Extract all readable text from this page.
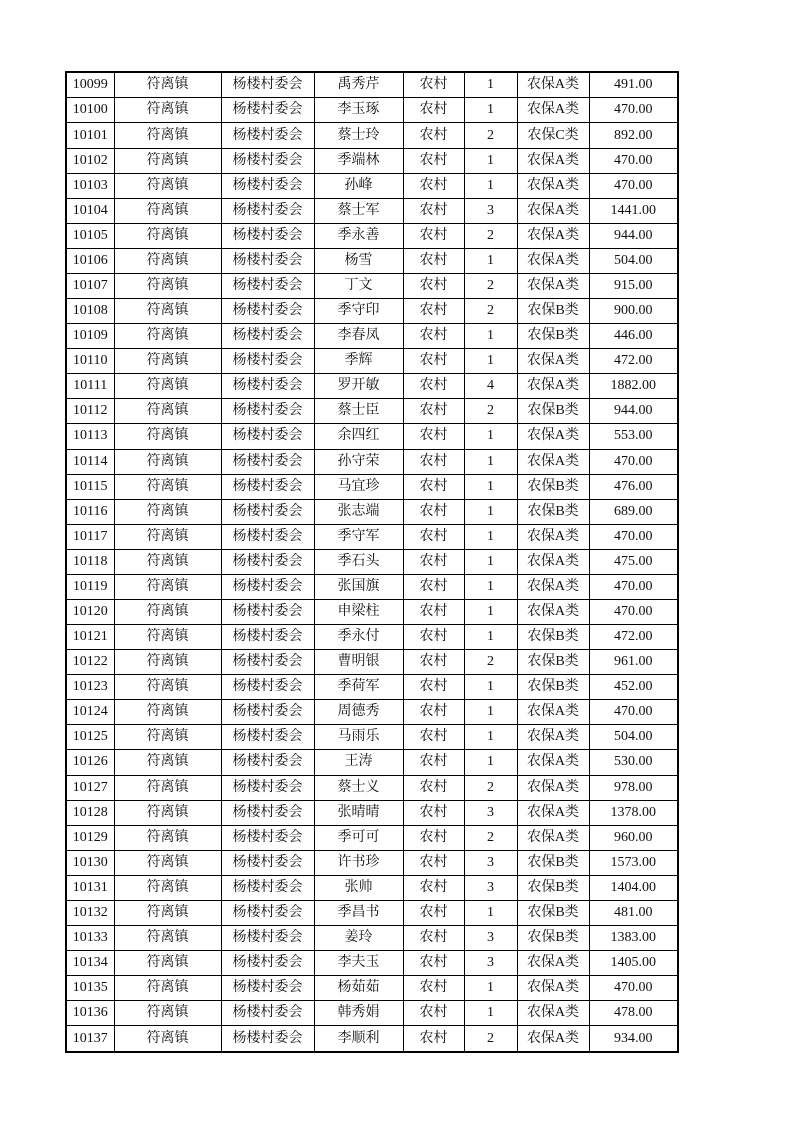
10099	符离镇	杨楼村委会	禹秀芹	农村	1	农保A类	491.00
10100	符离镇	杨楼村委会	李玉琢	农村	1	农保A类	470.00
10101	符离镇	杨楼村委会	蔡士玲	农村	2	农保C类	892.00
10102	符离镇	杨楼村委会	季端林	农村	1	农保A类	470.00
10103	符离镇	杨楼村委会	孙峰	农村	1	农保A类	470.00
10104	符离镇	杨楼村委会	蔡士军	农村	3	农保A类	1441.00
10105	符离镇	杨楼村委会	季永善	农村	2	农保A类	944.00
10106	符离镇	杨楼村委会	杨雪	农村	1	农保A类	504.00
10107	符离镇	杨楼村委会	丁文	农村	2	农保A类	915.00
10108	符离镇	杨楼村委会	季守印	农村	2	农保B类	900.00
10109	符离镇	杨楼村委会	李春凤	农村	1	农保B类	446.00
10110	符离镇	杨楼村委会	季辉	农村	1	农保A类	472.00
10111	符离镇	杨楼村委会	罗开敏	农村	4	农保A类	1882.00
10112	符离镇	杨楼村委会	蔡士臣	农村	2	农保B类	944.00
10113	符离镇	杨楼村委会	余四红	农村	1	农保A类	553.00
10114	符离镇	杨楼村委会	孙守荣	农村	1	农保A类	470.00
10115	符离镇	杨楼村委会	马宜珍	农村	1	农保B类	476.00
10116	符离镇	杨楼村委会	张志端	农村	1	农保B类	689.00
10117	符离镇	杨楼村委会	季守军	农村	1	农保A类	470.00
10118	符离镇	杨楼村委会	季石头	农村	1	农保A类	475.00
10119	符离镇	杨楼村委会	张国旗	农村	1	农保A类	470.00
10120	符离镇	杨楼村委会	申梁柱	农村	1	农保A类	470.00
10121	符离镇	杨楼村委会	季永付	农村	1	农保B类	472.00
10122	符离镇	杨楼村委会	曹明银	农村	2	农保B类	961.00
10123	符离镇	杨楼村委会	季荷军	农村	1	农保B类	452.00
10124	符离镇	杨楼村委会	周德秀	农村	1	农保A类	470.00
10125	符离镇	杨楼村委会	马雨乐	农村	1	农保A类	504.00
10126	符离镇	杨楼村委会	王涛	农村	1	农保A类	530.00
10127	符离镇	杨楼村委会	蔡士义	农村	2	农保A类	978.00
10128	符离镇	杨楼村委会	张晴晴	农村	3	农保A类	1378.00
10129	符离镇	杨楼村委会	季可可	农村	2	农保A类	960.00
10130	符离镇	杨楼村委会	许书珍	农村	3	农保B类	1573.00
10131	符离镇	杨楼村委会	张帅	农村	3	农保B类	1404.00
10132	符离镇	杨楼村委会	季昌书	农村	1	农保B类	481.00
10133	符离镇	杨楼村委会	姜玲	农村	3	农保B类	1383.00
10134	符离镇	杨楼村委会	李夫玉	农村	3	农保A类	1405.00
10135	符离镇	杨楼村委会	杨茹茹	农村	1	农保A类	470.00
10136	符离镇	杨楼村委会	韩秀娟	农村	1	农保A类	478.00
10137	符离镇	杨楼村委会	李顺利	农村	2	农保A类	934.00
